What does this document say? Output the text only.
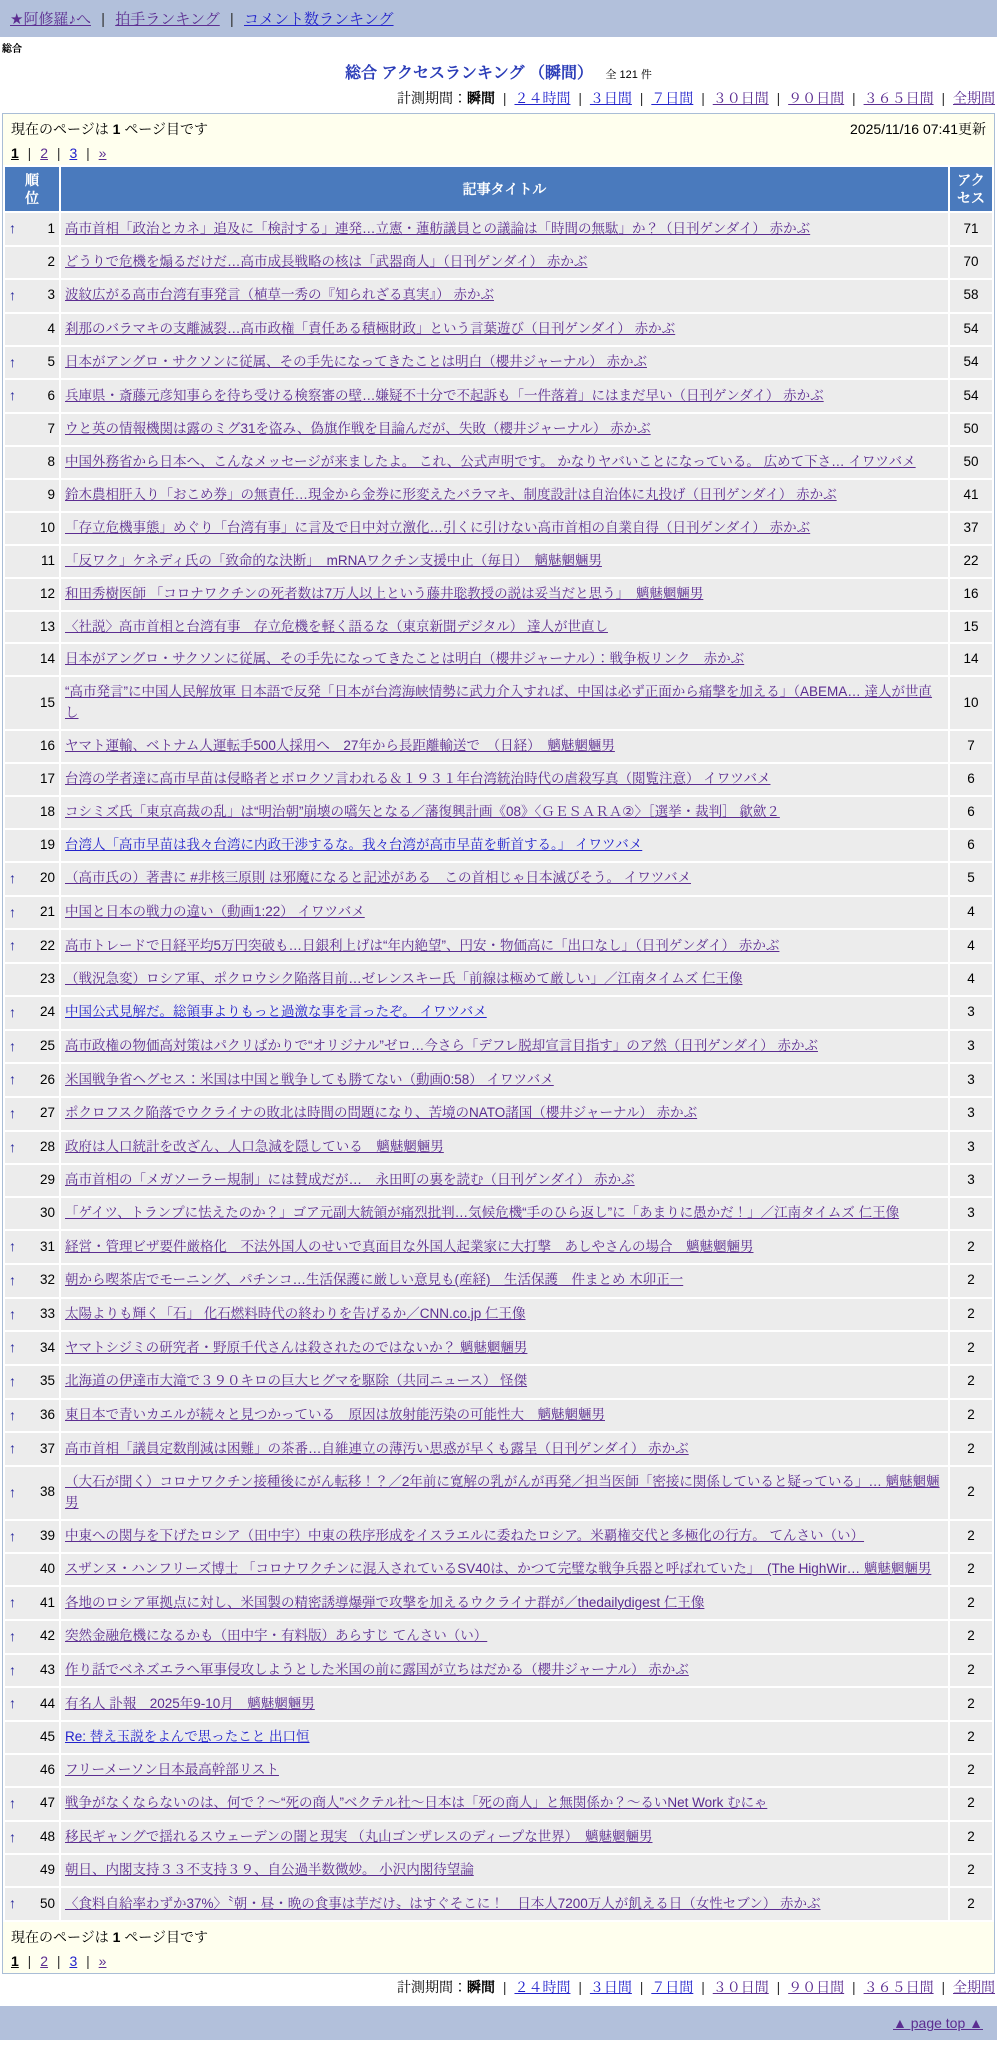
★阿修羅♪へ | 拍手ランキング | コメント数ランキング
総合
総合 アクセスランキング （瞬間） 全 121 件
計測期間：瞬間 | ２４時間 | ３日間 | ７日間 | ３０日間 | ９０日間 | ３６５日間 | 全期間
現在のページは 1 ページ目です	2025/11/16 07:41更新
1 | 2 | 3 | »
順位	記事タイトル	アクセス

↑ 1	高市首相「政治とカネ」追及に「検討する」連発…立憲・蓮舫議員との議論は「時間の無駄」か？（日刊ゲンダイ） 赤かぶ	71

2	どうりで危機を煽るだけだ…高市成長戦略の核は「武器商人」（日刊ゲンダイ） 赤かぶ	70

↑ 3	波紋広がる高市台湾有事発言（植草一秀の『知られざる真実』） 赤かぶ	58

4	刹那のバラマキの支離滅裂…高市政権「責任ある積極財政」という言葉遊び（日刊ゲンダイ） 赤かぶ	54

↑ 5	日本がアングロ・サクソンに従属、その手先になってきたことは明白（櫻井ジャーナル） 赤かぶ	54

↑ 6	兵庫県・斎藤元彦知事らを待ち受ける検察審の壁…嫌疑不十分で不起訴も「一件落着」にはまだ早い（日刊ゲンダイ） 赤かぶ	54

7	ウと英の情報機関は露のミグ31を盗み、偽旗作戦を目論んだが、失敗（櫻井ジャーナル） 赤かぶ	50

8	中国外務省から日本へ、こんなメッセージが来ましたよ。 これ、公式声明です。 かなりヤバいことになっている。 広めて下さ… イワツバメ	50

9	鈴木農相肝入り「おこめ券」の無責任…現金から金券に形変えたバラマキ、制度設計は自治体に丸投げ（日刊ゲンダイ） 赤かぶ	41

10	「存立危機事態」めぐり「台湾有事」に言及で日中対立激化…引くに引けない高市首相の自業自得（日刊ゲンダイ） 赤かぶ	37

11	「反ワク」ケネディ氏の「致命的な決断」　mRNAワクチン支援中止（毎日）　魑魅魍魎男	22

12	和田秀樹医師 「コロナワクチンの死者数は7万人以上という藤井聡教授の説は妥当だと思う」　魑魅魍魎男	16

13	〈社説〉高市首相と台湾有事　存立危機を軽く語るな（東京新聞デジタル） 達人が世直し	15

14	日本がアングロ・サクソンに従属、その手先になってきたことは明白（櫻井ジャーナル）：戦争板リンク　赤かぶ	14

15	“高市発言”に中国人民解放軍 日本語で反発「日本が台湾海峡情勢に武力介入すれば、中国は必ず正面から痛撃を加える」（ABEMA… 達人が世直し	10

16	ヤマト運輸、ベトナム人運転手500人採用へ　27年から長距離輸送で　（日経）　魑魅魍魎男	7

17	台湾の学者達に高市早苗は侵略者とボロクソ言われる＆１９３１年台湾統治時代の虐殺写真（閲覧注意） イワツバメ	6

18	コシミズ氏「東京高裁の乱」は“明治朝”崩壊の嚆矢となる／藩復興計画《08》〈ＧＥＳＡＲＡ②〉［選挙・裁判］ 歙歛２	6

19	台湾人「高市早苗は我々台湾に内政干渉するな。我々台湾が高市早苗を斬首する。」 イワツバメ	6

↑ 20	（高市氏の）著書に #非核三原則 は邪魔になると記述がある　この首相じゃ日本滅びそう。 イワツバメ	5

↑ 21	中国と日本の戦力の違い（動画1:22） イワツバメ	4

↑ 22	高市トレードで日経平均5万円突破も…日銀利上げは“年内絶望”、円安・物価高に「出口なし」（日刊ゲンダイ） 赤かぶ	4

23	（戦況急変）ロシア軍、ポクロウシク陥落目前…ゼレンスキー氏「前線は極めて厳しい」／江南タイムズ 仁王像	4

↑ 24	中国公式見解だ。総領事よりもっと過激な事を言ったぞ。 イワツバメ	3

↑ 25	高市政権の物価高対策はパクリばかりで“オリジナル”ゼロ…今さら「デフレ脱却宣言目指す」のア然（日刊ゲンダイ） 赤かぶ	3

↑ 26	米国戦争省ヘグセス：米国は中国と戦争しても勝てない（動画0:58） イワツバメ	3

↑ 27	ポクロフスク陥落でウクライナの敗北は時間の問題になり、苦境のNATO諸国（櫻井ジャーナル） 赤かぶ	3

↑ 28	政府は人口統計を改ざん、人口急減を隠している　魑魅魍魎男	3

29	高市首相の「メガソーラー規制」には賛成だが…　永田町の裏を読む（日刊ゲンダイ） 赤かぶ	3

30	「ゲイツ、トランプに怯えたのか？」ゴア元副大統領が痛烈批判…気候危機“手のひら返し”に「あまりに愚かだ！」／江南タイムズ 仁王像	3

↑ 31	経営・管理ビザ要件厳格化　不法外国人のせいで真面目な外国人起業家に大打撃　あしやさんの場合　魑魅魍魎男	2

↑ 32	朝から喫茶店でモーニング、パチンコ…生活保護に厳しい意見も(産経)　生活保護　件まとめ 木卯正一	2

↑ 33	太陽よりも輝く「石」 化石燃料時代の終わりを告げるか／CNN.co.jp 仁王像	2

↑ 34	ヤマトシジミの研究者・野原千代さんは殺されたのではないか？ 魑魅魍魎男	2

↑ 35	北海道の伊達市大滝で３９０キロの巨大ヒグマを駆除（共同ニュース） 怪傑	2

↑ 36	東日本で青いカエルが続々と見つかっている　原因は放射能汚染の可能性大　魑魅魍魎男	2

↑ 37	高市首相「議員定数削減は困難」の茶番…自維連立の薄汚い思惑が早くも露呈（日刊ゲンダイ） 赤かぶ	2

↑ 38	（大石が聞く）コロナワクチン接種後にがん転移！？／2年前に寛解の乳がんが再発／担当医師「密接に関係していると疑っている」… 魑魅魍魎男	2

↑ 39	中東への関与を下げたロシア（田中宇）中東の秩序形成をイスラエルに委ねたロシア。米覇権交代と多極化の行方。 てんさい（い）	2

40	スザンヌ・ハンフリーズ博士 「コロナワクチンに混入されているSV40は、かつて完璧な戦争兵器と呼ばれていた」　(The HighWir… 魑魅魍魎男	2

↑ 41	各地のロシア軍拠点に対し、米国製の精密誘導爆弾で攻撃を加えるウクライナ群が／thedailydigest 仁王像	2

↑ 42	突然金融危機になるかも（田中宇・有料版）あらすじ てんさい（い）	2

↑ 43	作り話でベネズエラへ軍事侵攻しようとした米国の前に露国が立ちはだかる（櫻井ジャーナル） 赤かぶ	2

↑ 44	有名人 訃報　2025年9-10月　魑魅魍魎男	2

45	Re: 替え玉説をよんで思ったこと 出口恒	2

46	フリーメーソン日本最高幹部リスト	2

↑ 47	戦争がなくならないのは、何で？～“死の商人”ベクテル社～日本は「死の商人」と無関係か？～るいNet Work むにゃ	2

↑ 48	移民ギャングで揺れるスウェーデンの闇と現実 （丸山ゴンザレスのディープな世界）　魑魅魍魎男	2

49	朝日、内閣支持３３不支持３９、自公過半数微妙。 小沢内閣待望論	2

↑ 50	〈食料自給率わずか37%〉〝朝・昼・晩の食事は芋だけ〟はすぐそこに！　日本人7200万人が飢える日（女性セブン） 赤かぶ	2
現在のページは 1 ページ目です
1 | 2 | 3 | »
計測期間：瞬間 | ２４時間 | ３日間 | ７日間 | ３０日間 | ９０日間 | ３６５日間 | 全期間
▲ page top ▲
